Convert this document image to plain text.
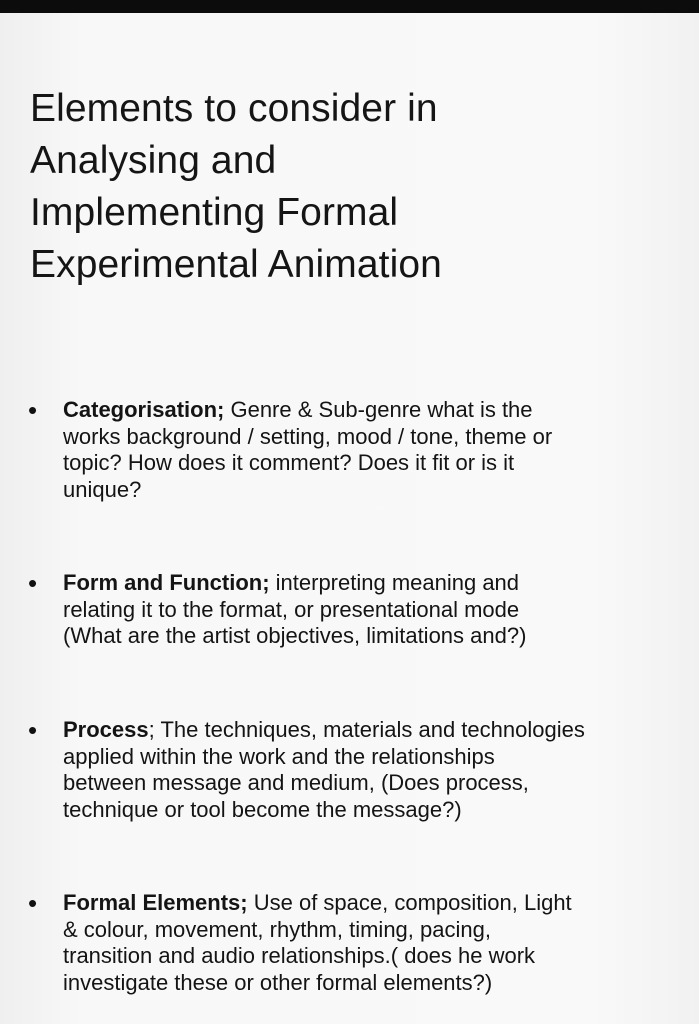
Elements to consider in
Analysing and
Implementing Formal
Experimental Animation
•	Categorisation; Genre & Sub-genre what is the
works background / setting, mood / tone, theme or
topic? How does it comment? Does it fit or is it
unique?
•	Form and Function; interpreting meaning and
relating it to the format, or presentational mode
(What are the artist objectives, limitations and?)
•	Process; The techniques, materials and technologies
applied within the work and the relationships
between message and medium, (Does process,
technique or tool become the message?)
•	Formal Elements; Use of space, composition, Light
& colour, movement, rhythm, timing, pacing,
transition and audio relationships.( does he work
investigate these or other formal elements?)
